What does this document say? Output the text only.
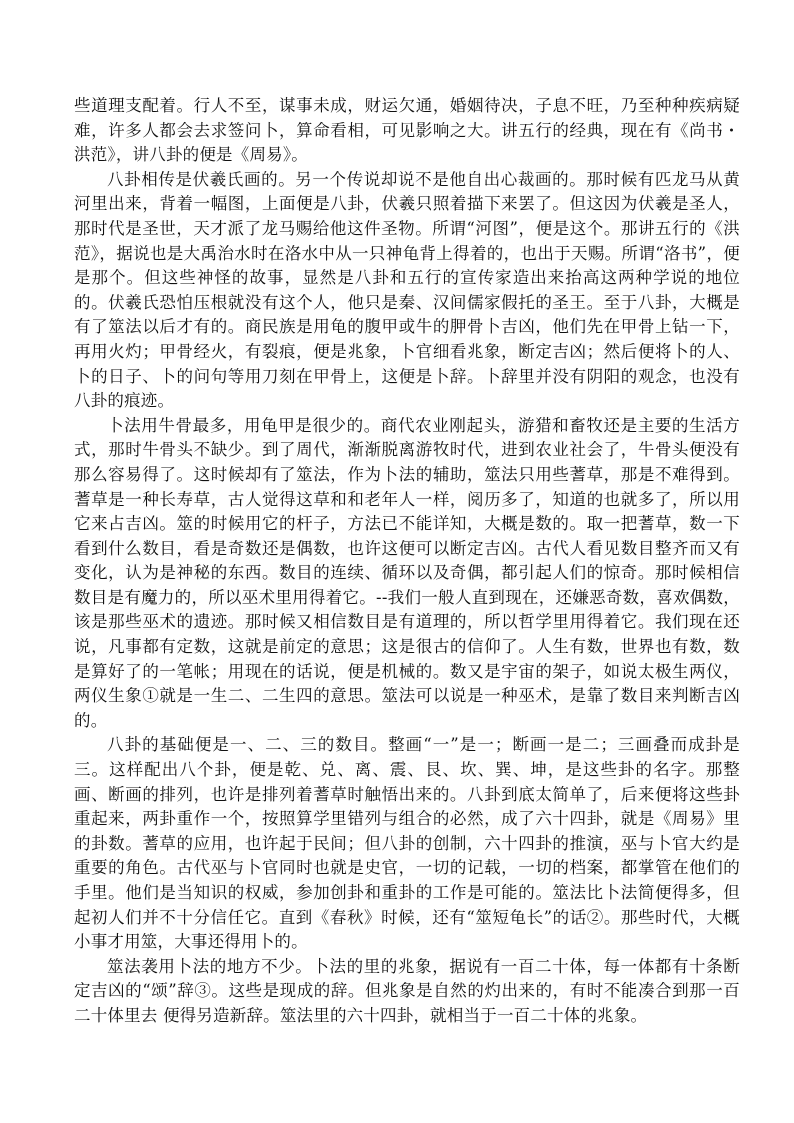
些道理支配着。行人不至，谋事未成，财运欠通，婚姻待决，子息不旺，乃至种种疾病疑难，许多人都会去求签问卜，算命看相，可见影响之大。讲五行的经典，现在有《尚书・洪范》，讲八卦的便是《周易》。

八卦相传是伏羲氏画的。另一个传说却说不是他自出心裁画的。那时候有匹龙马从黄河里出来，背着一幅图，上面便是八卦，伏羲只照着描下来罢了。但这因为伏羲是圣人，那时代是圣世，天才派了龙马赐给他这件圣物。所谓“河图”，便是这个。那讲五行的《洪范》，据说也是大禹治水时在洛水中从一只神龟背上得着的，也出于天赐。所谓“洛书”，便是那个。但这些神怪的故事，显然是八卦和五行的宣传家造出来抬高这两种学说的地位的。伏羲氏恐怕压根就没有这个人，他只是秦、汉间儒家假托的圣王。至于八卦，大概是有了筮法以后才有的。商民族是用龟的腹甲或牛的胛骨卜吉凶，他们先在甲骨上钻一下，再用火灼；甲骨经火，有裂痕，便是兆象，卜官细看兆象，断定吉凶；然后便将卜的人、卜的日子、卜的问句等用刀刻在甲骨上，这便是卜辞。卜辞里并没有阴阳的观念，也没有八卦的痕迹。

卜法用牛骨最多，用龟甲是很少的。商代农业刚起头，游猎和畜牧还是主要的生活方式，那时牛骨头不缺少。到了周代，渐渐脱离游牧时代，进到农业社会了，牛骨头便没有那么容易得了。这时候却有了筮法，作为卜法的辅助，筮法只用些蓍草，那是不难得到。蓍草是一种长寿草，古人觉得这草和和老年人一样，阅历多了，知道的也就多了，所以用它来占吉凶。筮的时候用它的杆子，方法已不能详知，大概是数的。取一把蓍草，数一下看到什么数目，看是奇数还是偶数，也许这便可以断定吉凶。古代人看见数目整齐而又有变化，认为是神秘的东西。数目的连续、循环以及奇偶，都引起人们的惊奇。那时候相信数目是有魔力的，所以巫术里用得着它。--我们一般人直到现在，还嫌恶奇数，喜欢偶数，该是那些巫术的遗迹。那时候又相信数目是有道理的，所以哲学里用得着它。我们现在还说，凡事都有定数，这就是前定的意思；这是很古的信仰了。人生有数，世界也有数，数是算好了的一笔帐；用现在的话说，便是机械的。数又是宇宙的架子，如说太极生两仪，两仪生象①就是一生二、二生四的意思。筮法可以说是一种巫术，是靠了数目来判断吉凶的。

八卦的基础便是一、二、三的数目。整画“一”是一；断画一是二；三画叠而成卦是三。这样配出八个卦，便是乾、兑、离、震、艮、坎、巽、坤，是这些卦的名字。那整画、断画的排列，也许是排列着蓍草时触悟出来的。八卦到底太简单了，后来便将这些卦重起来，两卦重作一个，按照算学里错列与组合的必然，成了六十四卦，就是《周易》里的卦数。蓍草的应用，也许起于民间；但八卦的创制，六十四卦的推演，巫与卜官大约是重要的角色。古代巫与卜官同时也就是史官，一切的记载，一切的档案，都掌管在他们的手里。他们是当知识的权威，参加创卦和重卦的工作是可能的。筮法比卜法简便得多，但起初人们并不十分信任它。直到《春秋》时候，还有“筮短龟长”的话②。那些时代，大概小事才用筮，大事还得用卜的。

筮法袭用卜法的地方不少。卜法的里的兆象，据说有一百二十体，每一体都有十条断定吉凶的“颂”辞③。这些是现成的辞。但兆象是自然的灼出来的，有时不能凑合到那一百二十体里去 便得另造新辞。筮法里的六十四卦，就相当于一百二十体的兆象。
